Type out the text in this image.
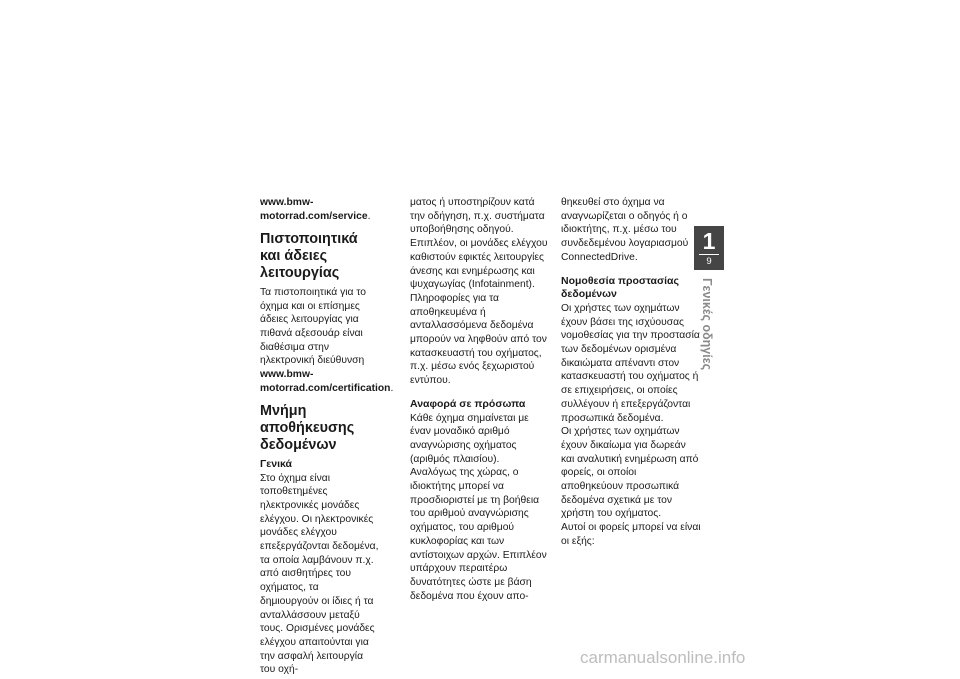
www.bmw-motorrad.com/service.

Πιστοποιητικά και άδειες λειτουργίας

Τα πιστοποιητικά για το όχημα και οι επίσημες άδειες λειτουργίας για πιθανά αξεσουάρ είναι διαθέσιμα στην ηλεκτρονική διεύθυνση www.bmw-motorrad.com/certification.

Μνήμη αποθήκευσης δεδομένων
Γενικά

Στο όχημα είναι τοποθετημένες ηλεκτρονικές μονάδες ελέγχου. Οι ηλεκτρονικές μονάδες ελέγχου επεξεργάζονται δεδομένα, τα οποία λαμβάνουν π.χ. από αισθητήρες του οχήματος, τα δημιουργούν οι ίδιες ή τα ανταλλάσσουν μεταξύ τους. Ορισμένες μονάδες ελέγχου απαιτούνται για την ασφαλή λειτουργία του οχή-

ματος ή υποστηρίζουν κατά την οδήγηση, π.χ. συστήματα υποβοήθησης οδηγού. Επιπλέον, οι μονάδες ελέγχου καθιστούν εφικτές λειτουργίες άνεσης και ενημέρωσης και ψυχαγωγίας (Infotainment).

Πληροφορίες για τα αποθηκευμένα ή ανταλλασσόμενα δεδομένα μπορούν να ληφθούν από τον κατασκευαστή του οχήματος, π.χ. μέσω ενός ξεχωριστού εντύπου.

Αναφορά σε πρόσωπα

Κάθε όχημα σημαίνεται με έναν μοναδικό αριθμό αναγνώρισης οχήματος (αριθμός πλαισίου). Αναλόγως της χώρας, ο ιδιοκτήτης μπορεί να προσδιοριστεί με τη βοήθεια του αριθμού αναγνώρισης οχήματος, του αριθμού κυκλοφορίας και των αντίστοιχων αρχών. Επιπλέον υπάρχουν περαιτέρω δυνατότητες ώστε με βάση δεδομένα που έχουν απο-

θηκευθεί στο όχημα να αναγνωρίζεται ο οδηγός ή ο ιδιοκτήτης, π.χ. μέσω του συνδεδεμένου λογαριασμού ConnectedDrive.

Νομοθεσία προστασίας δεδομένων

Οι χρήστες των οχημάτων έχουν βάσει της ισχύουσας νομοθεσίας για την προστασία των δεδομένων ορισμένα δικαιώματα απέναντι στον κατασκευαστή του οχήματος ή σε επιχειρήσεις, οι οποίες συλλέγουν ή επεξεργάζονται προσωπικά δεδομένα.

Οι χρήστες των οχημάτων έχουν δικαίωμα για δωρεάν και αναλυτική ενημέρωση από φορείς, οι οποίοι αποθηκεύουν προσωπικά δεδομένα σχετικά με τον χρήστη του οχήματος.

Αυτοί οι φορείς μπορεί να είναι οι εξής:

1
9
Γενικές οδηγίες
carmanualsonline.info
